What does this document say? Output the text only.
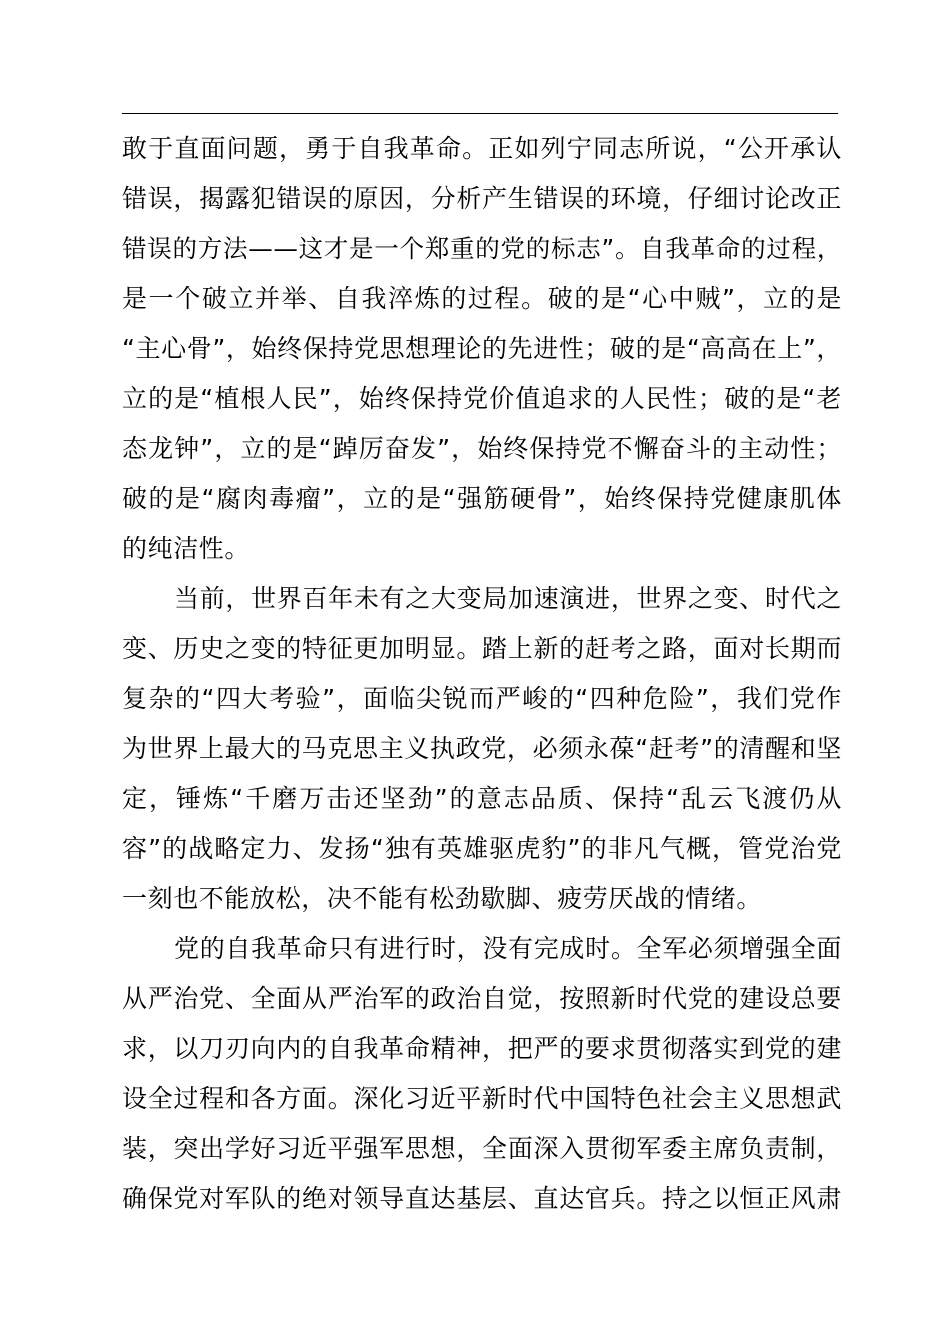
敢于直面问题，勇于自我革命。正如列宁同志所说，“公开承认
错误，揭露犯错误的原因，分析产生错误的环境，仔细讨论改正
错误的方法——这才是一个郑重的党的标志”。自我革命的过程，
是一个破立并举、自我淬炼的过程。破的是“心中贼”，立的是
“主心骨”，始终保持党思想理论的先进性；破的是“高高在上”，
立的是“植根人民”，始终保持党价值追求的人民性；破的是“老
态龙钟”，立的是“踔厉奋发”，始终保持党不懈奋斗的主动性；
破的是“腐肉毒瘤”，立的是“强筋硬骨”，始终保持党健康肌体
的纯洁性。
当前，世界百年未有之大变局加速演进，世界之变、时代之
变、历史之变的特征更加明显。踏上新的赶考之路，面对长期而
复杂的“四大考验”，面临尖锐而严峻的“四种危险”，我们党作
为世界上最大的马克思主义执政党，必须永葆“赶考”的清醒和坚
定，锤炼“千磨万击还坚劲”的意志品质、保持“乱云飞渡仍从
容”的战略定力、发扬“独有英雄驱虎豹”的非凡气概，管党治党
一刻也不能放松，决不能有松劲歇脚、疲劳厌战的情绪。
党的自我革命只有进行时，没有完成时。全军必须增强全面
从严治党、全面从严治军的政治自觉，按照新时代党的建设总要
求，以刀刃向内的自我革命精神，把严的要求贯彻落实到党的建
设全过程和各方面。深化习近平新时代中国特色社会主义思想武
装，突出学好习近平强军思想，全面深入贯彻军委主席负责制，
确保党对军队的绝对领导直达基层、直达官兵。持之以恒正风肃
